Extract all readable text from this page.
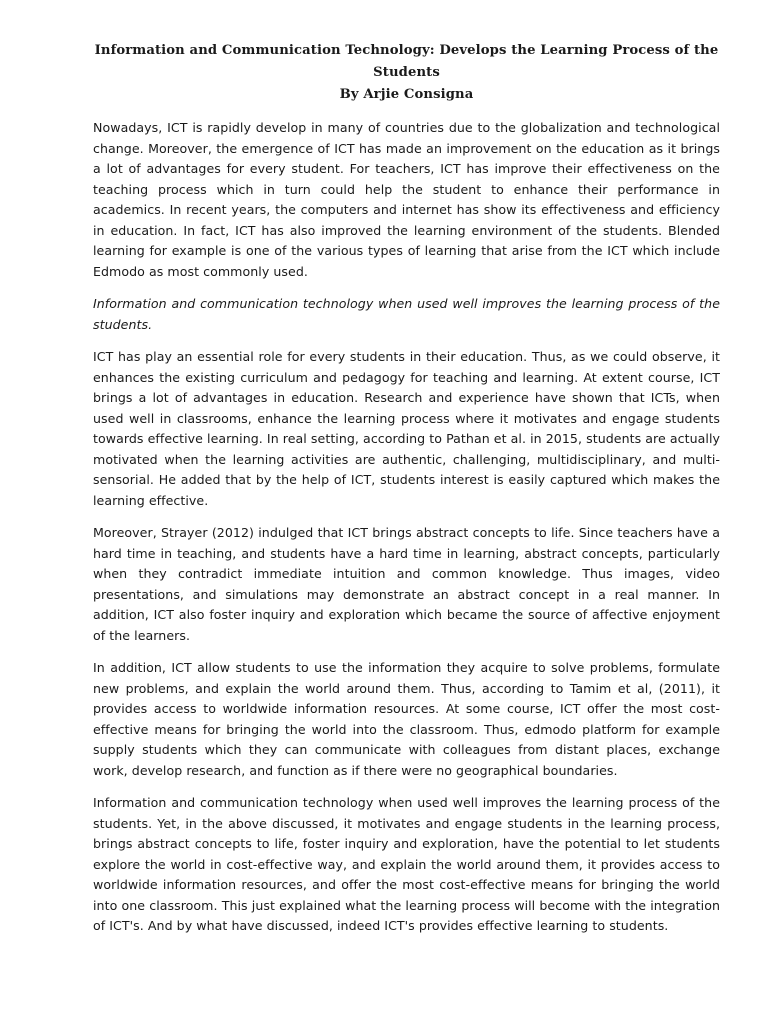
Information and Communication Technology: Develops the Learning Process of the Students
By Arjie Consigna

Nowadays, ICT is rapidly develop in many of countries due to the globalization and technological change. Moreover, the emergence of ICT has made an improvement on the education as it brings a lot of advantages for every student. For teachers, ICT has improve their effectiveness on the teaching process which in turn could help the student to enhance their performance in academics. In recent years, the computers and internet has show its effectiveness and efficiency in education. In fact, ICT has also improved the learning environment of the students. Blended learning for example is one of the various types of learning that arise from the ICT which include Edmodo as most commonly used.

Information and communication technology when used well improves the learning process of the students.

ICT has play an essential role for every students in their education. Thus, as we could observe, it enhances the existing curriculum and pedagogy for teaching and learning. At extent course, ICT brings a lot of advantages in education. Research and experience have shown that ICTs, when used well in classrooms, enhance the learning process where it motivates and engage students towards effective learning. In real setting, according to Pathan et al. in 2015, students are actually motivated when the learning activities are authentic, challenging, multidisciplinary, and multi-sensorial. He added that by the help of ICT, students interest is easily captured which makes the learning effective.

Moreover, Strayer (2012) indulged that ICT brings abstract concepts to life. Since teachers have a hard time in teaching, and students have a hard time in learning, abstract concepts, particularly when they contradict immediate intuition and common knowledge. Thus images, video presentations, and simulations may demonstrate an abstract concept in a real manner. In addition, ICT also foster inquiry and exploration which became the source of affective enjoyment of the learners.

In addition, ICT allow students to use the information they acquire to solve problems, formulate new problems, and explain the world around them. Thus, according to Tamim et al, (2011), it provides access to worldwide information resources. At some course, ICT offer the most cost-effective means for bringing the world into the classroom. Thus, edmodo platform for example supply students which they can communicate with colleagues from distant places, exchange work, develop research, and function as if there were no geographical boundaries.

Information and communication technology when used well improves the learning process of the students. Yet, in the above discussed, it motivates and engage students in the learning process, brings abstract concepts to life, foster inquiry and exploration, have the potential to let students explore the world in cost-effective way, and explain the world around them, it provides access to worldwide information resources, and offer the most cost-effective means for bringing the world into one classroom. This just explained what the learning process will become with the integration of ICT's. And by what have discussed, indeed ICT's provides effective learning to students.
